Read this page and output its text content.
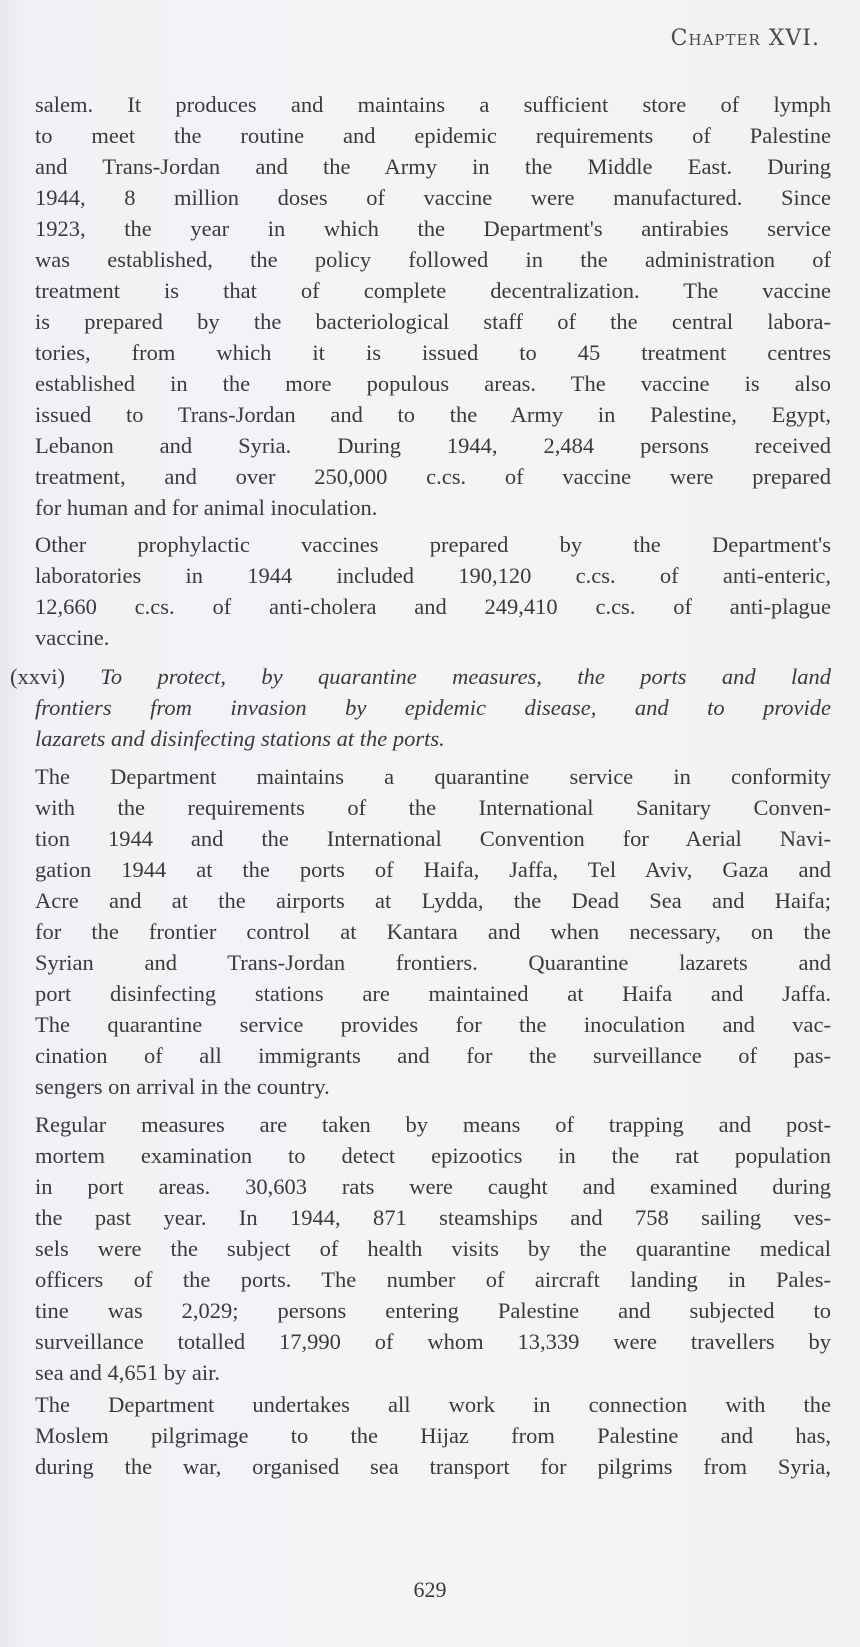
Chapter XVI.
salem. It produces and maintains a sufficient store of lymph
to meet the routine and epidemic requirements of Palestine
and Trans-Jordan and the Army in the Middle East. During
1944, 8 million doses of vaccine were manufactured. Since
1923, the year in which the Department's antirabies service
was established, the policy followed in the administration of
treatment is that of complete decentralization. The vaccine
is prepared by the bacteriological staff of the central labora-
tories, from which it is issued to 45 treatment centres
established in the more populous areas. The vaccine is also
issued to Trans-Jordan and to the Army in Palestine, Egypt,
Lebanon and Syria. During 1944, 2,484 persons received
treatment, and over 250,000 c.cs. of vaccine were prepared
for human and for animal inoculation.
Other prophylactic vaccines prepared by the Department's
laboratories in 1944 included 190,120 c.cs. of anti-enteric,
12,660 c.cs. of anti-cholera and 249,410 c.cs. of anti-plague
vaccine.
(xxvi) To protect, by quarantine measures, the ports and land
frontiers from invasion by epidemic disease, and to provide
lazarets and disinfecting stations at the ports.
The Department maintains a quarantine service in conformity
with the requirements of the International Sanitary Conven-
tion 1944 and the International Convention for Aerial Navi-
gation 1944 at the ports of Haifa, Jaffa, Tel Aviv, Gaza and
Acre and at the airports at Lydda, the Dead Sea and Haifa;
for the frontier control at Kantara and when necessary, on the
Syrian and Trans-Jordan frontiers. Quarantine lazarets and
port disinfecting stations are maintained at Haifa and Jaffa.
The quarantine service provides for the inoculation and vac-
cination of all immigrants and for the surveillance of pas-
sengers on arrival in the country.
Regular measures are taken by means of trapping and post-
mortem examination to detect epizootics in the rat population
in port areas. 30,603 rats were caught and examined during
the past year. In 1944, 871 steamships and 758 sailing ves-
sels were the subject of health visits by the quarantine medical
officers of the ports. The number of aircraft landing in Pales-
tine was 2,029; persons entering Palestine and subjected to
surveillance totalled 17,990 of whom 13,339 were travellers by
sea and 4,651 by air.
The Department undertakes all work in connection with the
Moslem pilgrimage to the Hijaz from Palestine and has,
during the war, organised sea transport for pilgrims from Syria,
629
